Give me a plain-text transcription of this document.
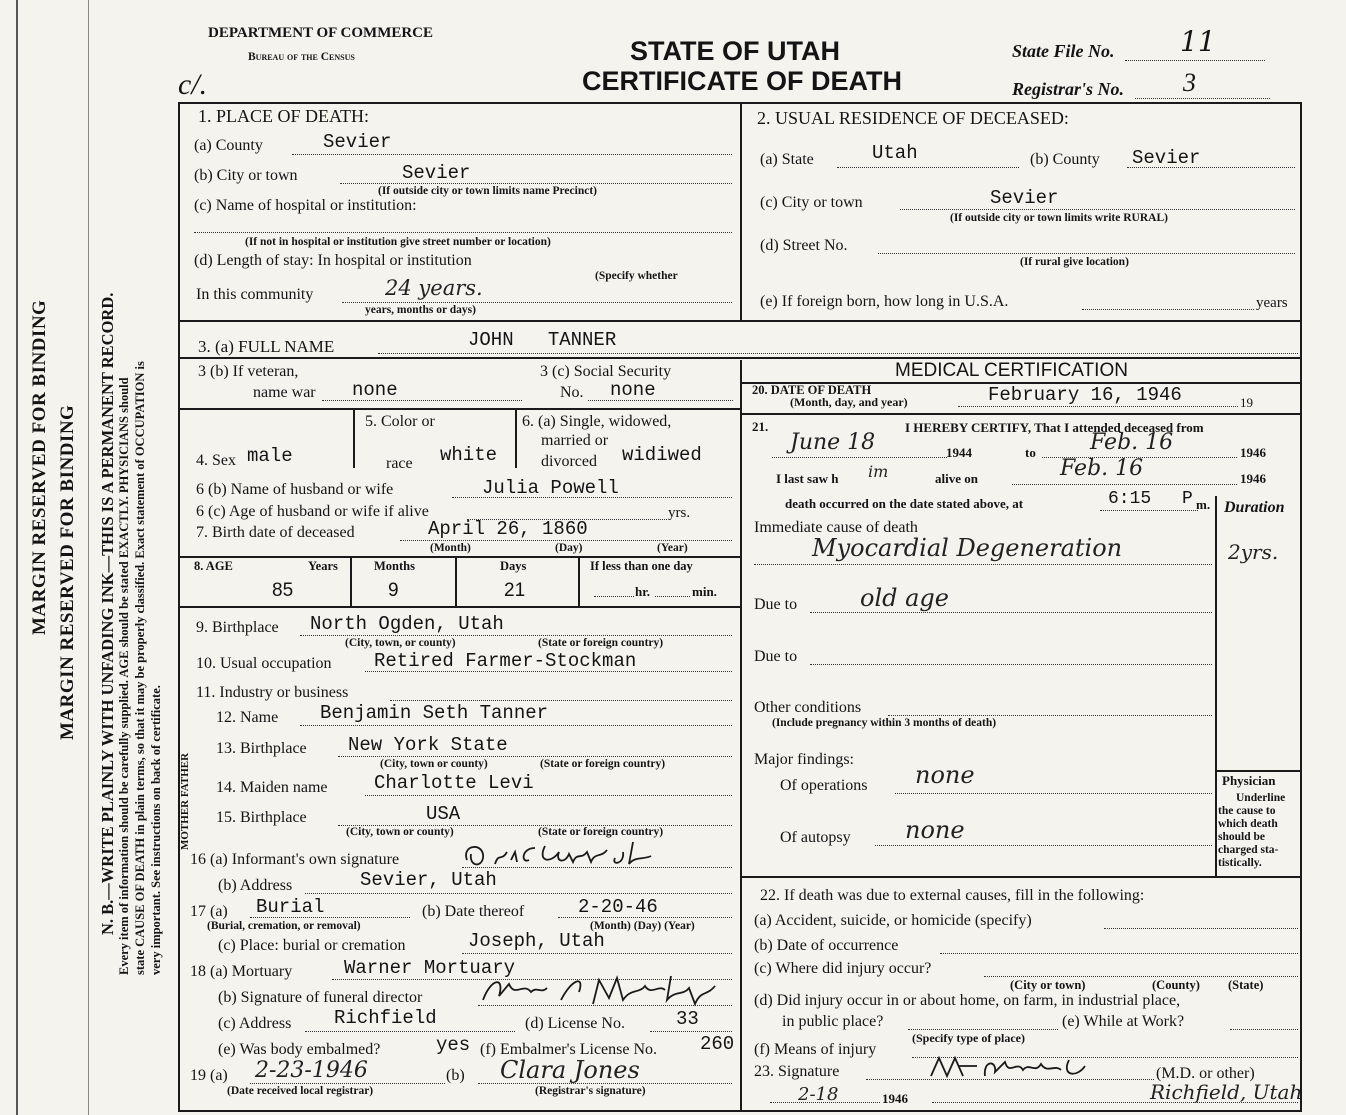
MARGIN RESERVED FOR BINDING MARGIN RESERVED FOR BINDING N. B.—WRITE PLAINLY WITH UNFADING INK—THIS IS A PERMANENT RECORD. Every item of information should be carefully supplied. AGE should be stated EXACTLY. PHYSICIANS should state CAUSE OF DEATH in plain terms, so that it may be properly classified. Exact statement of OCCUPATION is very important. See instructions on back of certificate.
DEPARTMENT OF COMMERCE
Bureau of the Census
c/.
STATE OF UTAH
CERTIFICATE OF DEATH
State File No. 11
Registrar's No. 3
1. PLACE OF DEATH:
(a) County	Sevier
(b) City or town	Sevier
(If outside city or town limits name Precinct)
(c) Name of hospital or institution:
(If not in hospital or institution give street number or location)
(d) Length of stay: In hospital or institution
(Specify whether
In this community	24 years.
years, months or days)
2. USUAL RESIDENCE OF DECEASED:
(a) State	Utah	(b) County Sevier
(c) City or town	Sevier
(If outside city or town limits write RURAL)
(d) Street No.
(If rural give location)
(e) If foreign born, how long in U.S.A.	years
3. (a) FULL NAME	JOHN   TANNER
3 (b) If veteran,
name war none
3 (c) Social Security
No. none
5. Color or
race white
4. Sex male
6. (a) Single, widowed,
married or
divorced widiwed
6 (b) Name of husband or wife	Julia Powell
6 (c) Age of husband or wife if alive	yrs.
7. Birth date of deceased	April 26, 1860
(Month)	(Day)	(Year)
8. AGE	Years	Months	Days	If less than one day
85	9	21	hr.	min.
9. Birthplace North Ogden, Utah
(City, town, or county)	(State or foreign country)
10. Usual occupation Retired Farmer-Stockman
11. Industry or business
MOTHER FATHER
12. Name Benjamin Seth Tanner
13. Birthplace New York State
(City, town or county)	(State or foreign country)
14. Maiden name Charlotte Levi
15. Birthplace	USA
(City, town or county)	(State or foreign country)
16 (a) Informant's own signature
(b) Address	Sevier, Utah
17 (a) Burial
(Burial, cremation, or removal)
(b) Date thereof	2-20-46
(Month) (Day) (Year)
(c) Place: burial or cremation	Joseph, Utah
18 (a) Mortuary	Warner Mortuary
(b) Signature of funeral director
(c) Address Richfield	(d) License No.	33
(e) Was body embalmed?	yes (f) Embalmer's License No. 260
19 (a) 2-23-1946
(Date received local registrar)
(b) Clara Jones
(Registrar's signature)
MEDICAL CERTIFICATION
20. DATE OF DEATH
(Month, day, and year)	February 16, 1946	19
21.	I HEREBY CERTIFY, That I attended deceased from
June 18	1944	to Feb. 16	1946
I last saw h im	alive on	Feb. 16	1946
death occurred on the date stated above, at	6:15 P m. Duration
Immediate cause of death
Myocardial Degeneration	2yrs.
Due to	old age
Due to
Other conditions
(Include pregnancy within 3 months of death)
Major findings:
Of operations none
Of autopsy none
Physician
Underline
the cause to
which death
should be
charged sta-
tistically.
22. If death was due to external causes, fill in the following:
(a) Accident, suicide, or homicide (specify)
(b) Date of occurrence
(c) Where did injury occur?
(City or town)	(County) (State)
(d) Did injury occur in or about home, on farm, in industrial place,
in public place?	(e) While at Work?
(Specify type of place)
(f) Means of injury
23. Signature	(M.D. or other)
2-18	1946	Richfield, Utah
